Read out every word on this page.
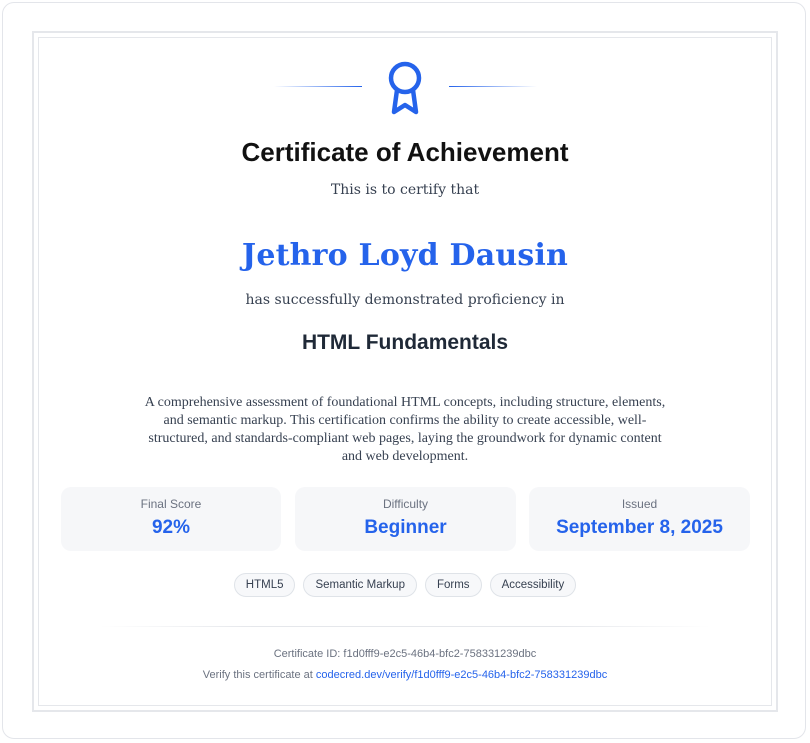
Certificate of Achievement
This is to certify that
Jethro Loyd Dausin
has successfully demonstrated proficiency in
HTML Fundamentals
A comprehensive assessment of foundational HTML concepts, including structure, elements, and semantic markup. This certification confirms the ability to create accessible, well-structured, and standards-compliant web pages, laying the groundwork for dynamic content and web development.
Final Score
92%
Difficulty
Beginner
Issued
September 8, 2025
HTML5	Semantic Markup	Forms	Accessibility
Certificate ID: f1d0fff9-e2c5-46b4-bfc2-758331239dbc
Verify this certificate at codecred.dev/verify/f1d0fff9-e2c5-46b4-bfc2-758331239dbc
